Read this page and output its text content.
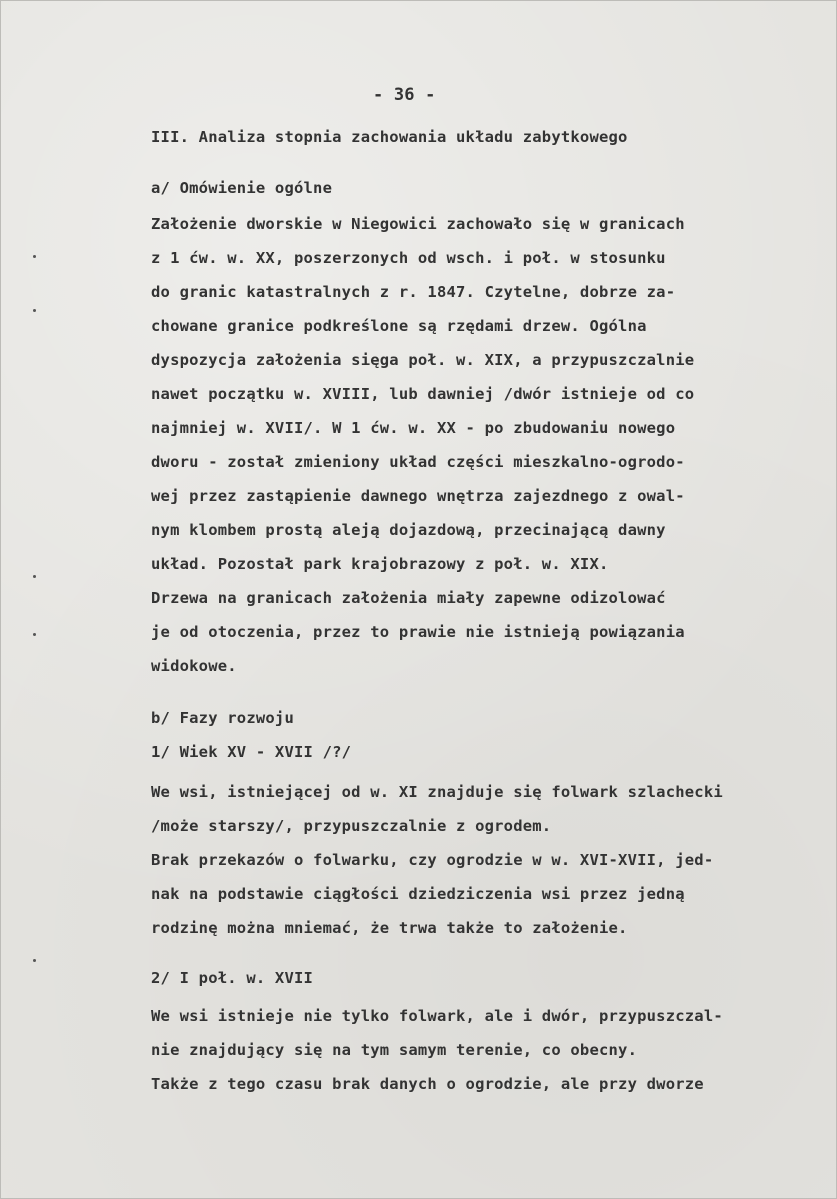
- 36 -
III. Analiza stopnia zachowania układu zabytkowego
a/ Omówienie ogólne
Założenie dworskie w Niegowici zachowało się w granicach
z 1 ćw. w. XX, poszerzonych od wsch. i poł. w stosunku
do granic katastralnych z r. 1847. Czytelne, dobrze za-
chowane granice podkreślone są rzędami drzew. Ogólna
dyspozycja założenia sięga poł. w. XIX, a przypuszczalnie
nawet początku w. XVIII, lub dawniej /dwór istnieje od co
najmniej w. XVII/. W 1 ćw. w. XX - po zbudowaniu nowego
dworu - został zmieniony układ części mieszkalno-ogrodo-
wej przez zastąpienie dawnego wnętrza zajezdnego z owal-
nym klombem prostą aleją dojazdową, przecinającą dawny
układ. Pozostał park krajobrazowy z poł. w. XIX.
Drzewa na granicach założenia miały zapewne odizolować
je od otoczenia, przez to prawie nie istnieją powiązania
widokowe.
b/ Fazy rozwoju
1/ Wiek XV - XVII /?/
We wsi, istniejącej od w. XI znajduje się folwark szlachecki
/może starszy/, przypuszczalnie z ogrodem.
Brak przekazów o folwarku, czy ogrodzie w w. XVI-XVII, jed-
nak na podstawie ciągłości dziedziczenia wsi przez jedną
rodzinę można mniemać, że trwa także to założenie.
2/ I poł. w. XVII
We wsi istnieje nie tylko folwark, ale i dwór, przypuszczal-
nie znajdujący się na tym samym terenie, co obecny.
Także z tego czasu brak danych o ogrodzie, ale przy dworze
